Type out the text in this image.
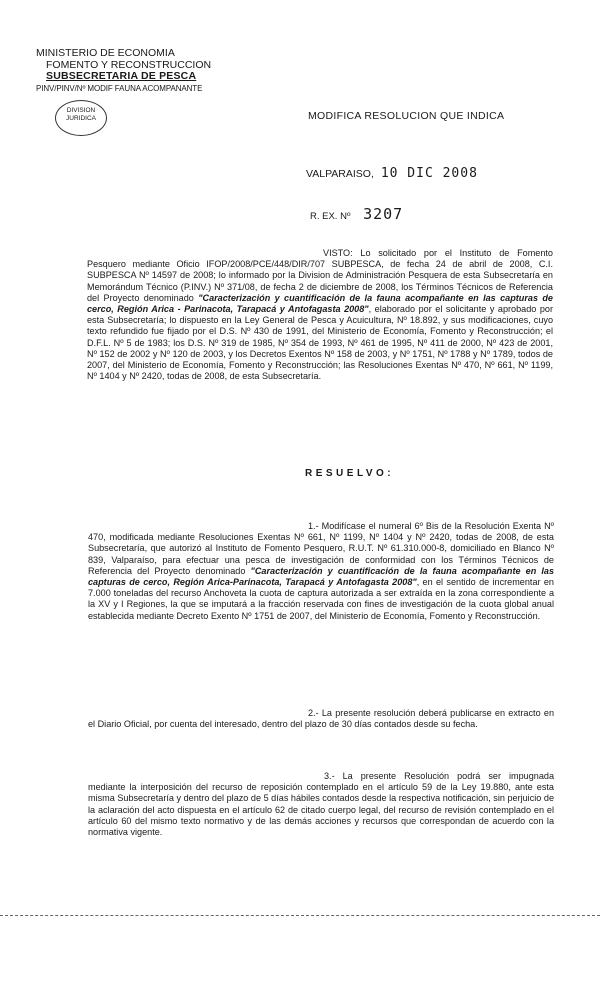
MINISTERIO DE ECONOMIA
FOMENTO Y RECONSTRUCCION
SUBSECRETARIA DE PESCA
PINV/PINV/Nº MODIF FAUNA ACOMPANANTE
DIVISION
JURIDICA	MODIFICA RESOLUCION QUE INDICA
VALPARAISO, 10 DIC 2008
R. EX. Nº 3207
VISTO: Lo solicitado por el Instituto de Fomento Pesquero mediante Oficio IFOP/2008/PCE/448/DIR/707 SUBPESCA, de fecha 24 de abril de 2008, C.I. SUBPESCA Nº 14597 de 2008; lo informado por la Division de Administración Pesquera de esta Subsecretaría en Memorándum Técnico (P.INV.) Nº 371/08, de fecha 2 de diciembre de 2008, los Términos Técnicos de Referencia del Proyecto denominado "Caracterización y cuantificación de la fauna acompañante en las capturas de cerco, Región Arica - Parinacota, Tarapacá y Antofagasta 2008", elaborado por el solicitante y aprobado por esta Subsecretaría; lo dispuesto en la Ley General de Pesca y Acuicultura, Nº 18.892, y sus modificaciones, cuyo texto refundido fue fijado por el D.S. Nº 430 de 1991, del Ministerio de Economía, Fomento y Reconstrucción; el D.F.L. Nº 5 de 1983; los D.S. Nº 319 de 1985, Nº 354 de 1993, Nº 461 de 1995, Nº 411 de 2000, Nº 423 de 2001, Nº 152 de 2002 y Nº 120 de 2003, y los Decretos Exentos Nº 158 de 2003, y Nº 1751, Nº 1788 y Nº 1789, todos de 2007, del Ministerio de Economía, Fomento y Reconstrucción; las Resoluciones Exentas Nº 470, Nº 661, Nº 1199, Nº 1404 y Nº 2420, todas de 2008, de esta Subsecretaría.
RESUELVO:
1.- Modifícase el numeral 6º Bis de la Resolución Exenta Nº 470, modificada mediante Resoluciones Exentas Nº 661, Nº 1199, Nº 1404 y Nº 2420, todas de 2008, de esta Subsecretaría, que autorizó al Instituto de Fomento Pesquero, R.U.T. Nº 61.310.000-8, domiciliado en Blanco Nº 839, Valparaíso, para efectuar una pesca de investigación de conformidad con los Términos Técnicos de Referencia del Proyecto denominado "Caracterización y cuantificación de la fauna acompañante en las capturas de cerco, Región Arica-Parinacota, Tarapacá y Antofagasta 2008", en el sentido de incrementar en 7.000 toneladas del recurso Anchoveta la cuota de captura autorizada a ser extraída en la zona correspondiente a la XV y I Regiones, la que se imputará a la fracción reservada con fines de investigación de la cuota global anual establecida mediante Decreto Exento Nº 1751 de 2007, del Ministerio de Economía, Fomento y Reconstrucción.
2.- La presente resolución deberá publicarse en extracto en el Diario Oficial, por cuenta del interesado, dentro del plazo de 30 días contados desde su fecha.
3.- La presente Resolución podrá ser impugnada mediante la interposición del recurso de reposición contemplado en el artículo 59 de la Ley 19.880, ante esta misma Subsecretaría y dentro del plazo de 5 días hábiles contados desde la respectiva notificación, sin perjuicio de la aclaración del acto dispuesta en el artículo 62 de citado cuerpo legal, del recurso de revisión contemplado en el artículo 60 del mismo texto normativo y de las demás acciones y recursos que correspondan de acuerdo con la normativa vigente.
